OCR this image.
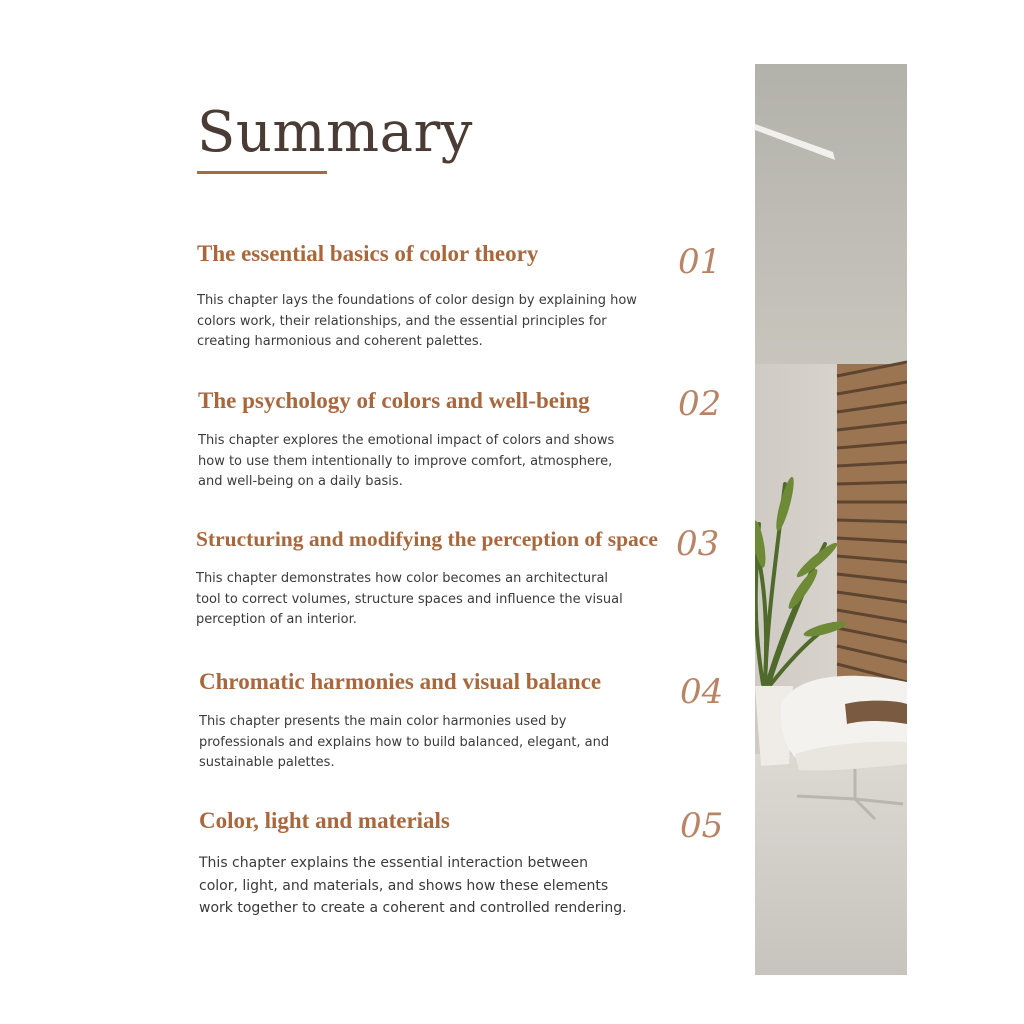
Summary
The essential basics of color theory	01

This chapter lays the foundations of color design by explaining how colors work, their relationships, and the essential principles for creating harmonious and coherent palettes.

The psychology of colors and well-being	02

This chapter explores the emotional impact of colors and shows how to use them intentionally to improve comfort, atmosphere, and well-being on a daily basis.

Structuring and modifying the perception of space 03

This chapter demonstrates how color becomes an architectural tool to correct volumes, structure spaces and influence the visual perception of an interior.

Chromatic harmonies and visual balance 04

This chapter presents the main color harmonies used by professionals and explains how to build balanced, elegant, and sustainable palettes.

Color, light and materials	05

This chapter explains the essential interaction between color, light, and materials, and shows how these elements work together to create a coherent and controlled rendering.
